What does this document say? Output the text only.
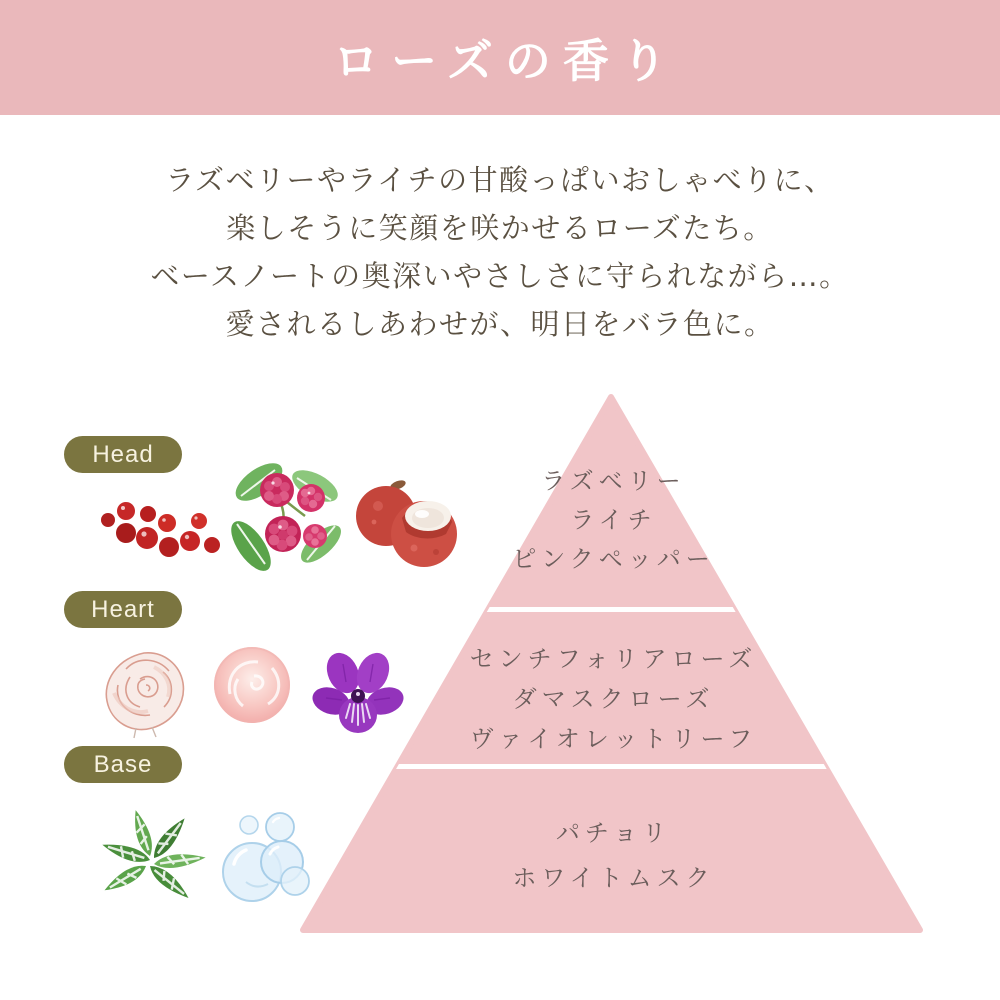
ローズの香り
ラズベリーやライチの甘酸っぱいおしゃべりに、
楽しそうに笑顔を咲かせるローズたち。
ベースノートの奥深いやさしさに守られながら…。
愛されるしあわせが、明日をバラ色に。
ラズベリー
ライチ
ピンクペッパー
センチフォリアローズ
ダマスクローズ
ヴァイオレットリーフ
パチョリ
ホワイトムスク
Head
Heart
Base
